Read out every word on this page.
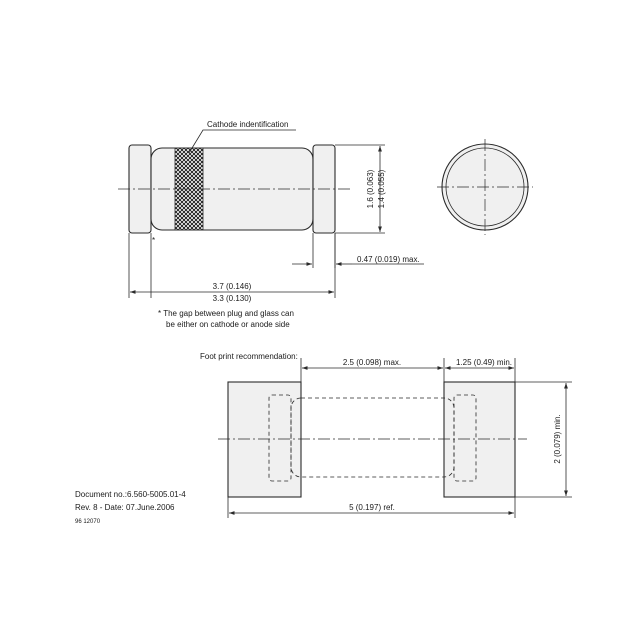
*
Cathode indentification
1.6 (0.063) 1.4 (0.055)
0.47 (0.019) max.
3.7 (0.146)
3.3 (0.130)
* The gap between plug and glass can
be either on cathode or anode side
Foot print recommendation:
2.5 (0.098) max.	1.25 (0.49) min.
2 (0.079) min.
5 (0.197) ref.
Document no.:6.560-5005.01-4
Rev. 8 - Date: 07.June.2006
96 12070
